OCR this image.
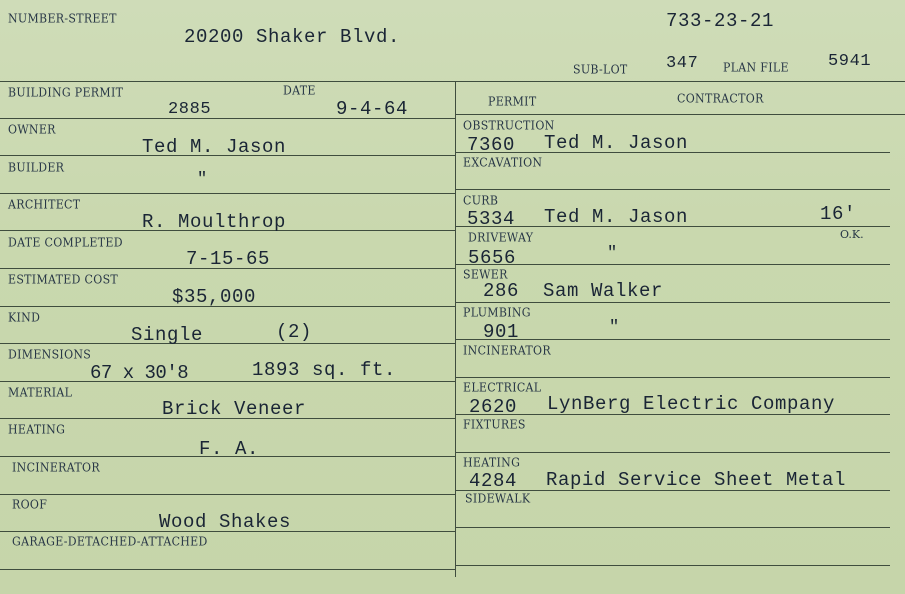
NUMBER-STREET
20200 Shaker Blvd.
733-23-21
SUB-LOT 347 PLAN FILE 5941
BUILDING PERMIT	DATE
2885	9-4-64
OWNER
Ted M. Jason
BUILDER
"
ARCHITECT
R. Moulthrop
DATE COMPLETED
7-15-65
ESTIMATED COST
$35,000
KIND
Single	(2)
DIMENSIONS
67 x 30'8	1893 sq. ft.
MATERIAL
Brick Veneer
HEATING
F. A.
INCINERATOR
ROOF
Wood Shakes
GARAGE-DETACHED-ATTACHED
PERMIT	CONTRACTOR
OBSTRUCTION
7360 Ted M. Jason
EXCAVATION
CURB
5334 Ted M. Jason	16'
O.K.
DRIVEWAY
5656	"
SEWER
286 Sam Walker
PLUMBING
901	"
INCINERATOR
ELECTRICAL
2620 LynBerg Electric Company
FIXTURES
HEATING
4284 Rapid Service Sheet Metal
SIDEWALK
